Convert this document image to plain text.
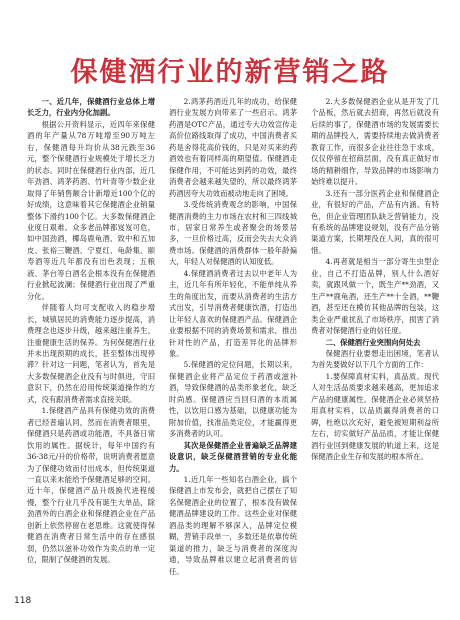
保健酒行业的新营销之路
一、近几年，保健酒行业总体上增长乏力，行业内分化加剧。

根据公开资料显示，近四年来保健酒的年产量从78万吨增至90万吨左右，保健酒每升均价从38元跌至36元，整个保健酒行业规模处于增长乏力的状态。同时在保健酒行业内部，近几年劲酒、鸿茅药酒、竹叶青等少数企业取得了年销售额合计新增近100个亿的好成绩，这意味着其它保健酒企业销量整体下滑约100个亿。大多数保健酒企业度日艰难。众多老品牌都岌岌可危，如中国劲酒，椰岛鹿龟酒、致中和五加皮、张裕三鞭酒、宁夏红、龟龄集、颐寿酒等近几年都没有出色表现；五粮液、茅台等白酒名企根本没有在保健酒行业掀起波澜；保健酒行业出现了严重分化。

伴随着人均可支配收入的稳步增长，城镇居民的消费能力逐步提高，消费理念也逐步升级，越来越注重养生，注重健康生活的保养。为何保健酒行业并未出现预期的成长，甚至整体出现停滞？针对这一问题，笔者认为，首先是大多数保健酒企业没有与时俱进，守旧意识下，仍然在沿用传统渠道操作的方式，没有跟消费者需求直接关联。

1.保健酒产品具有保健功效的消费者已经普遍认同，然而在消费者眼里，保健酒只是药酒或功能酒，不具备日常饮用的属性。据统计，每年中国约有36-38元/升的价格带，说明消费者愿意为了保健功效而付出成本，但传统渠道一直以来未能给予保健酒足够的空间。近十年，保健酒产品升级换代进程缓慢，整个行业几乎没有诞生大单品，除劲酒外的白酒企业和保健酒企业在产品创新上依然停留在老思维。这就使得保健酒在消费者日常生活中的存在感很弱，仍然以滋补功效作为卖点的单一定位，限制了保健酒的发展。

2.鸿茅药酒近几年的成功，给保健酒行业发展方向带来了一些启示。鸿茅药酒是OTC产品，通过专大功效宣传走高价位路线取得了成功，中国消费者买药是舍得花高价钱的，只是对买来的药酒效也有着同样高的期望值。保健酒走保健作用，不可能达到药的功效，最终消费者会越来越失望的，所以最终鸿茅药酒因夸大功效而被动地走向了困境。

3.受传统消费观念的影响，中国保健酒消费的主力市场在农村和三四线城市，居家日常养生或者聚会的场景居多，一旦价格过高，反而会失去大众消费市场。保健酒的消费群体一般年龄偏大，年轻人对保健酒的认知度低。

4.保健酒消费者过去以中老年人为主，近几年有所年轻化，不能单纯从养生的角度出发，而要从消费者的生活方式出发，引导消费者健康饮酒，打造出让年轻人喜欢的保健酒产品。保健酒企业要根据不同的消费场景和需求，推出针对性的产品，打造差异化的品牌形象。

5.保健酒的定位问题，长期以来，保健酒企业将产品定位于药酒或滋补酒，导致保健酒的品类形象老化，缺乏时尚感。保健酒应当回归酒的本质属性，以饮用口感为基础，以健康功能为附加价值，找准品类定位，才能赢得更多消费者的认可。

其次是保健酒企业普遍缺乏品牌建设意识，缺乏保健酒营销的专业化能力。

1.近几年一些知名白酒企业，搞个保健酒上市发布会，就把自己摆在了知名保健酒企业的位置了，根本没有做保健酒品牌建设的工作。这些企业对保健酒品类的理解不够深入，品牌定位模糊，营销手段单一，多数还是依靠传统渠道的推力，缺乏与消费者的深度沟通，导致品牌难以建立起消费者的信任。

2.大多数保健酒企业从是开发了几个品板，然后就去招商，再然后就没有后续的事了，保健酒市场的发展需要长期的品牌投入，需要持续地去做消费者教育工作，而很多企业往往急于求成，仅仅停留在招商层面，没有真正做好市场的精耕细作，导致品牌的市场影响力始终难以提升。

3.还有一部分医药企业和保健酒企业，有很好的产品，产品有内涵、有特色，但企业管理团队缺乏营销能力，没有系统的品牌建设规划，没有产品分销渠道方案，长期埋没在人间，真的很可惜。

4.再者就是相当一部分寄生虫型企业，自己不打造品牌，别人什么酒好卖，就跟风做一个，既生产**劲酒，又生产**鹿龟酒，还生产**十全酒，**鞭酒，甚至还在模仿其他品牌的包装，这类企业严重扰乱了市场秩序，损害了消费者对保健酒行业的信任度。

二、保健酒行业突围向何处去

保健酒行业要想走出困境，笔者认为首先要做好以下几个方面的工作：

1.要保障真材实料，真品质。现代人对生活品质要求越来越高，更加追求产品的健康属性。保健酒企业必须坚持用真材实料，以品质赢得消费者的口碑，杜绝以次充好，避免被短期利益所左右，切实做好产品品质，才能让保健酒行业回到健康发展的轨道上来，这是保健酒企业生存和发展的根本所在。

118
